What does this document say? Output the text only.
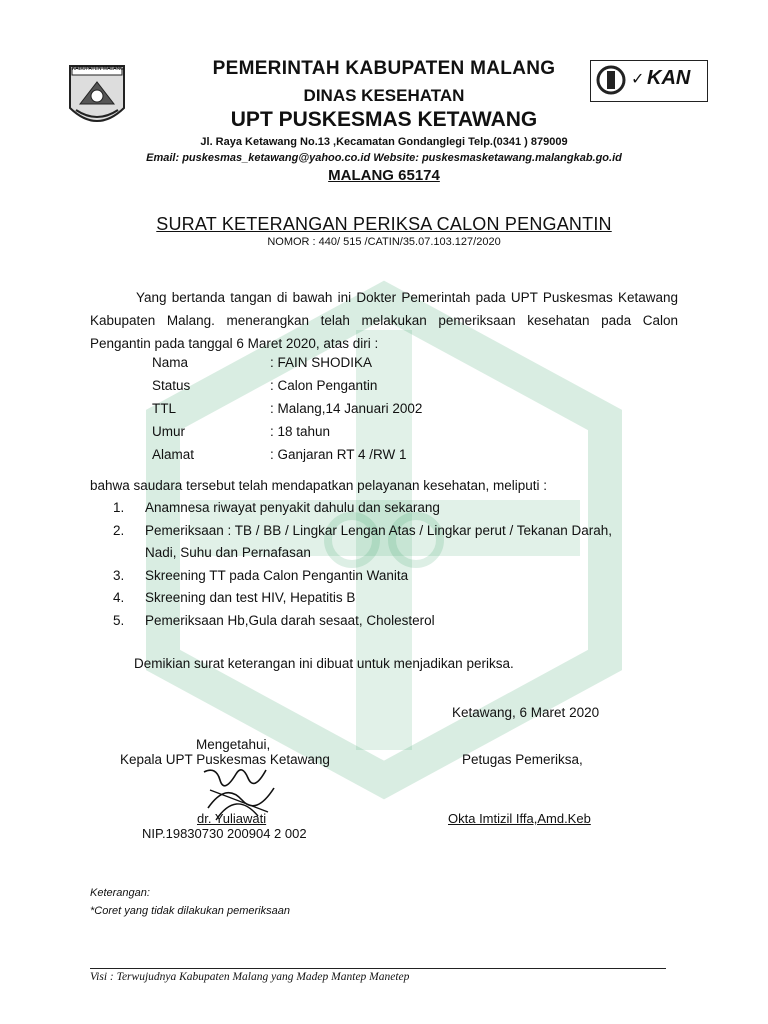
KABUPATEN MALANG	KAN
✓
PEMERINTAH KABUPATEN MALANG
DINAS KESEHATAN
UPT PUSKESMAS KETAWANG
Jl. Raya Ketawang No.13 ,Kecamatan Gondanglegi Telp.(0341 ) 879009
Email: puskesmas_ketawang@yahoo.co.id Website: puskesmasketawang.malangkab.go.id
MALANG 65174
SURAT KETERANGAN PERIKSA CALON PENGANTIN
NOMOR : 440/ 515 /CATIN/35.07.103.127/2020
Yang bertanda tangan di bawah ini Dokter Pemerintah pada UPT Puskesmas Ketawang Kabupaten Malang. menerangkan telah melakukan pemeriksaan kesehatan pada Calon Pengantin pada tanggal 6 Maret 2020, atas diri :
Nama	: FAIN SHODIKA
Status	: Calon Pengantin
TTL	: Malang,14 Januari 2002
Umur	: 18 tahun
Alamat	: Ganjaran RT 4 /RW 1
bahwa saudara tersebut telah mendapatkan pelayanan kesehatan, meliputi :
1. Anamnesa riwayat penyakit dahulu dan sekarang
2. Pemeriksaan : TB / BB / Lingkar Lengan Atas / Lingkar perut / Tekanan Darah,
Nadi, Suhu dan Pernafasan
3. Skreening TT pada Calon Pengantin Wanita
4. Skreening dan test HIV, Hepatitis B
5. Pemeriksaan Hb,Gula darah sesaat, Cholesterol
Demikian surat keterangan ini dibuat untuk menjadikan periksa.
Ketawang, 6 Maret 2020
Mengetahui,
Kepala UPT Puskesmas Ketawang	Petugas Pemeriksa,
dr. Yuliawati
NIP.19830730 200904 2 002
Okta Imtizil Iffa,Amd.Keb
Keterangan:
*Coret yang tidak dilakukan pemeriksaan
Visi : Terwujudnya Kabupaten Malang yang Madep Mantep Manetep
